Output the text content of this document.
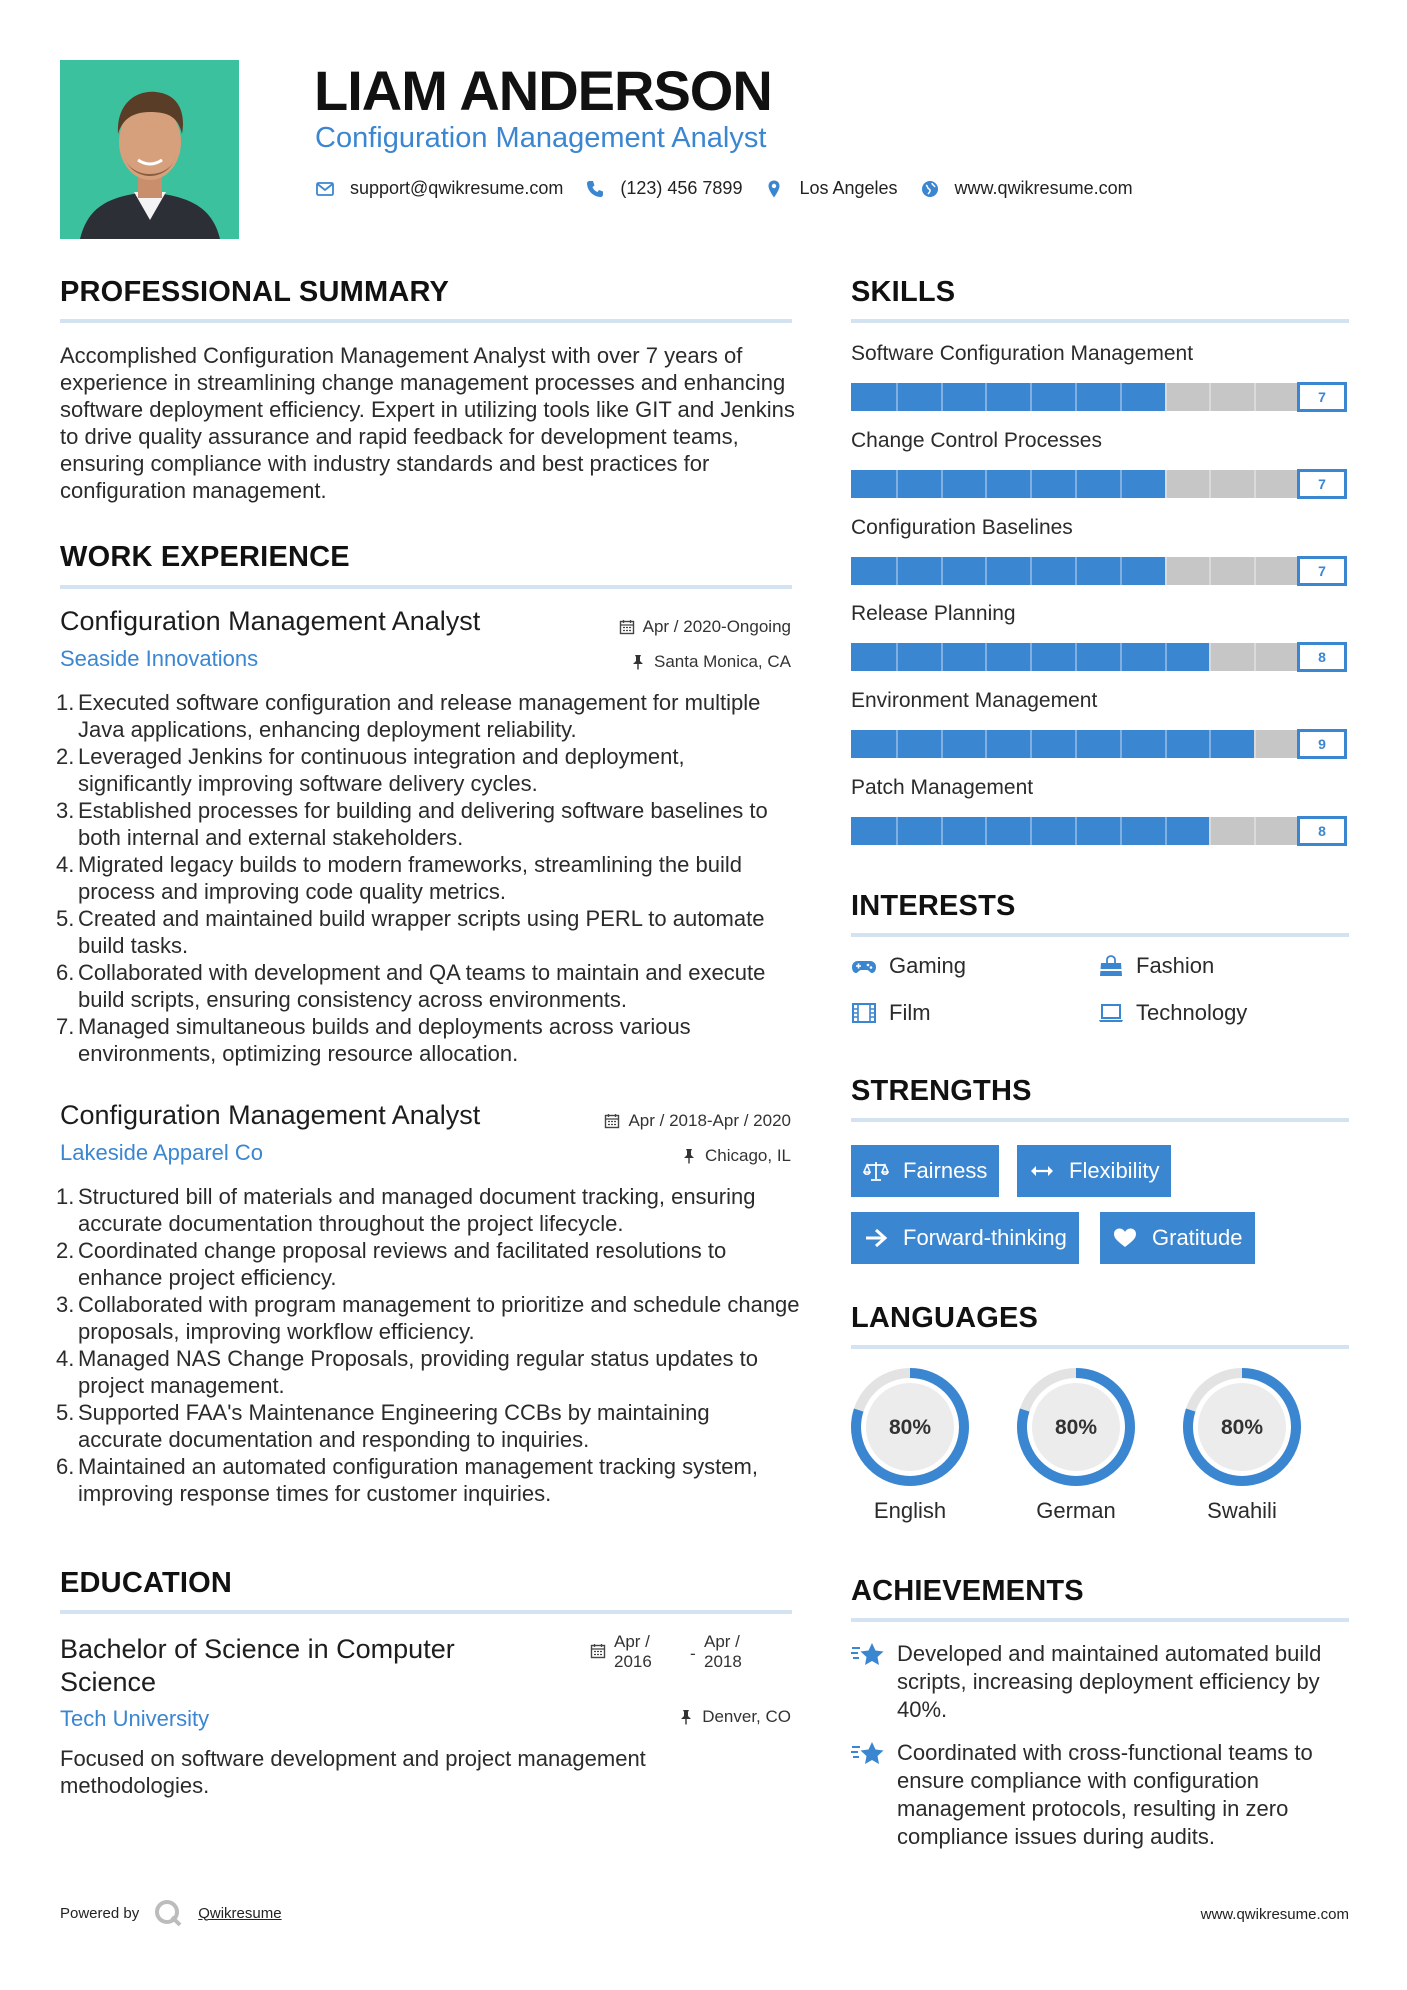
LIAM ANDERSON
Configuration Management Analyst
support@qwikresume.com	(123) 456 7899	Los Angeles	www.qwikresume.com
PROFESSIONAL SUMMARY
Accomplished Configuration Management Analyst with over 7 years of experience in streamlining change management processes and enhancing software deployment efficiency. Expert in utilizing tools like GIT and Jenkins to drive quality assurance and rapid feedback for development teams, ensuring compliance with industry standards and best practices for configuration management.
WORK EXPERIENCE
Configuration Management Analyst	Apr / 2020-Ongoing
Seaside Innovations	Santa Monica, CA
1. Executed software configuration and release management for multiple Java applications, enhancing deployment reliability.
2. Leveraged Jenkins for continuous integration and deployment, significantly improving software delivery cycles.
3. Established processes for building and delivering software baselines to both internal and external stakeholders.
4. Migrated legacy builds to modern frameworks, streamlining the build process and improving code quality metrics.
5. Created and maintained build wrapper scripts using PERL to automate build tasks.
6. Collaborated with development and QA teams to maintain and execute build scripts, ensuring consistency across environments.
7. Managed simultaneous builds and deployments across various environments, optimizing resource allocation.
Configuration Management Analyst	Apr / 2018-Apr / 2020
Lakeside Apparel Co	Chicago, IL
1. Structured bill of materials and managed document tracking, ensuring accurate documentation throughout the project lifecycle.
2. Coordinated change proposal reviews and facilitated resolutions to enhance project efficiency.
3. Collaborated with program management to prioritize and schedule change proposals, improving workflow efficiency.
4. Managed NAS Change Proposals, providing regular status updates to project management.
5. Supported FAA's Maintenance Engineering CCBs by maintaining accurate documentation and responding to inquiries.
6. Maintained an automated configuration management tracking system, improving response times for customer inquiries.
EDUCATION
Bachelor of Science in Computer Science
Apr / 2016	-
Apr / 2018
Tech University	Denver, CO
Focused on software development and project management methodologies.
SKILLS
Software Configuration Management
7
Change Control Processes
7
Configuration Baselines
7
Release Planning
8
Environment Management
9
Patch Management
8
INTERESTS
Gaming	Fashion
Film	Technology
STRENGTHS
Fairness	Flexibility
Forward-thinking	Gratitude
LANGUAGES
80%
English
80%
German
80%
Swahili
ACHIEVEMENTS
Developed and maintained automated build scripts, increasing deployment efficiency by 40%.
Coordinated with cross-functional teams to ensure compliance with configuration management protocols, resulting in zero compliance issues during audits.
Powered by	Qwikresume	www.qwikresume.com
